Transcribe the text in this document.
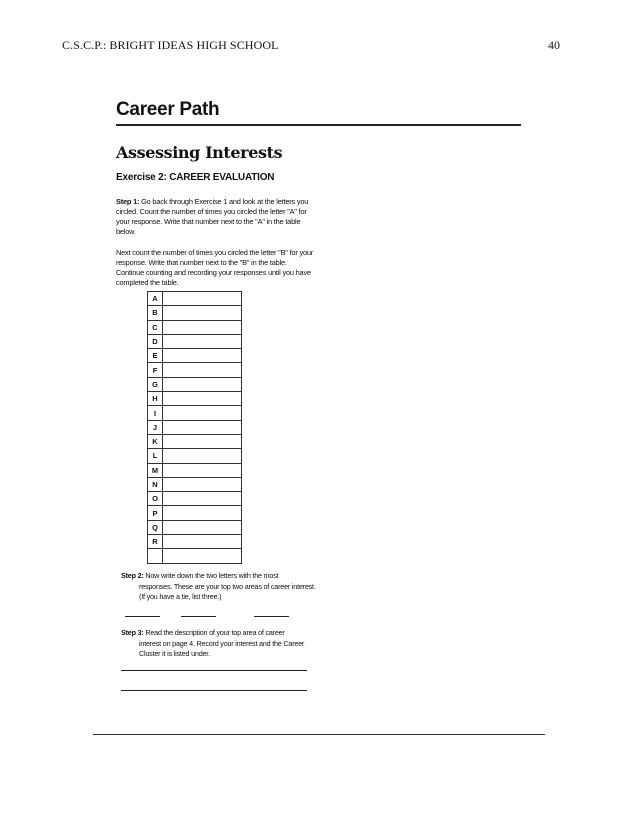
C.S.C.P.: BRIGHT IDEAS HIGH SCHOOL	40
Career Path
Assessing Interests
Exercise 2: CAREER EVALUATION
Step 1: Go back through Exercise 1 and look at the letters you circled. Count the number of times you circled the letter "A" for your response. Write that number next to the "A" in the table below.
Next count the number of times you circled the letter "B" for your response. Write that number next to the "B" in the table. Continue counting and recording your responses until you have completed the table.
A	
B	
C	
D	
E	
F	
G	
H	
I	
J	
K	
L	
M	
N	
O	
P	
Q	
R	

Step 2: Now write down the two letters with the most
responses. These are your top two areas of career interest.
(If you have a tie, list three.)
Step 3: Read the description of your top area of career
interest on page 4. Record your interest and the Career
Cluster it is listed under.
